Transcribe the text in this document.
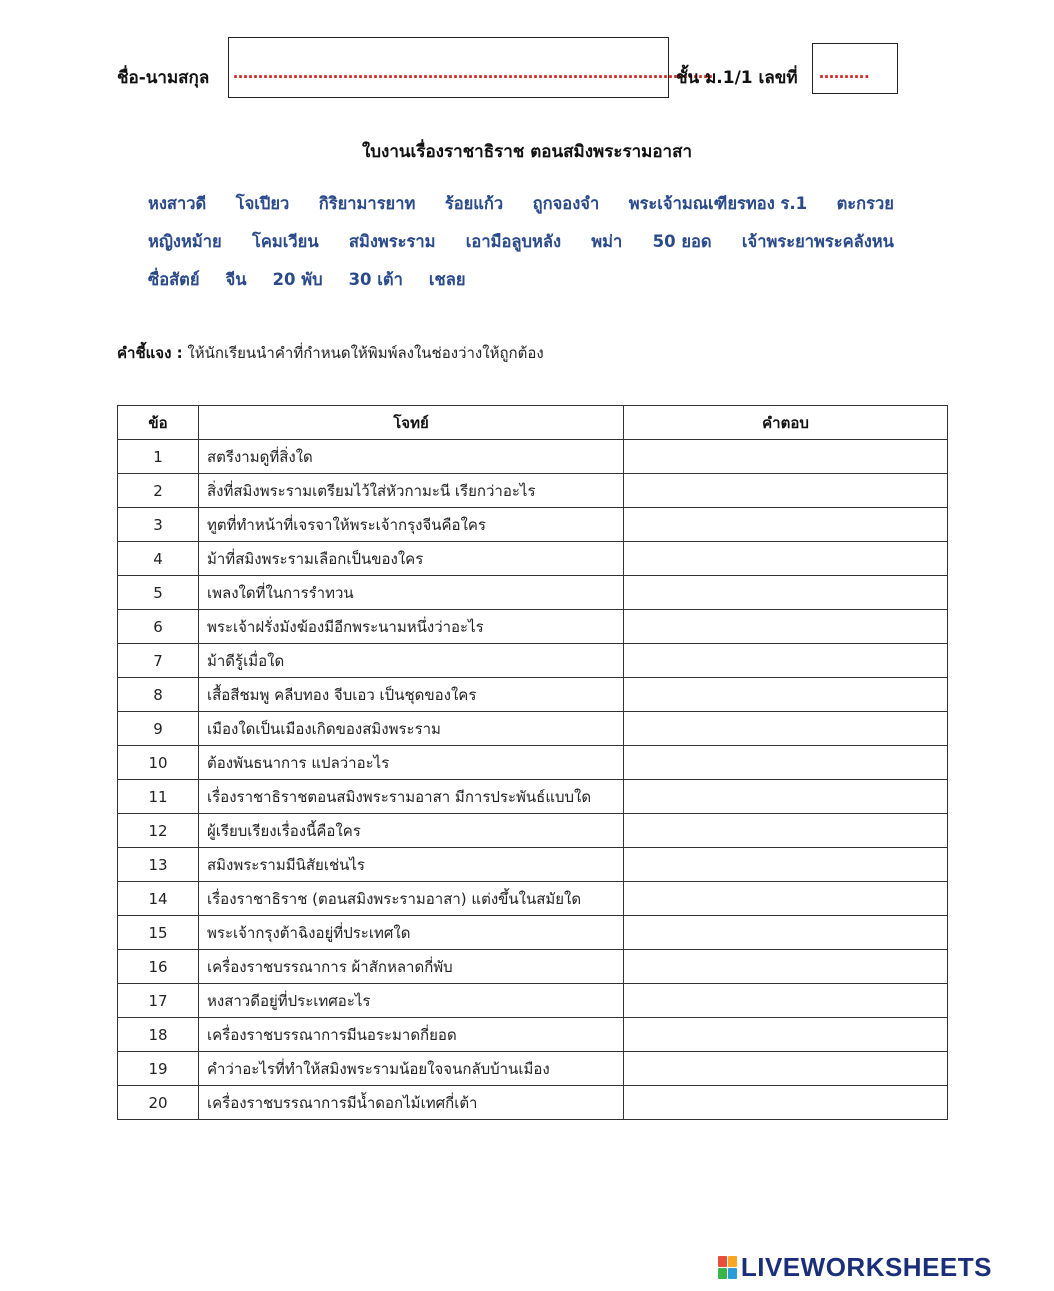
ชื่อ-นามสกุล ……………………………………………………………………………………
ชั้น ม.1/1 เลขที่ ……….
ใบงานเรื่องราชาธิราช ตอนสมิงพระรามอาสา
หงสาวดี โจเปียว กิริยามารยาท ร้อยแก้ว ถูกจองจำ พระเจ้ามณเฑียรทอง ร.1 ตะกรวย
หญิงหม้าย โคมเวียน สมิงพระราม เอามือลูบหลัง พม่า 50 ยอด เจ้าพระยาพระคลังหน
ซื่อสัตย์ จีน 20 พับ 30 เต้า เชลย
คำชี้แจง : ให้นักเรียนนำคำที่กำหนดให้พิมพ์ลงในช่องว่างให้ถูกต้อง
ข้อ	โจทย์	คำตอบ
1	สตรีงามดูที่สิ่งใด	
2	สิ่งที่สมิงพระรามเตรียมไว้ใส่หัวกามะนี เรียกว่าอะไร	
3	ทูตที่ทำหน้าที่เจรจาให้พระเจ้ากรุงจีนคือใคร	
4	ม้าที่สมิงพระรามเลือกเป็นของใคร	
5	เพลงใดที่ในการรำทวน	
6	พระเจ้าฝรั่งมังฆ้องมีอีกพระนามหนึ่งว่าอะไร	
7	ม้าดีรู้เมื่อใด	
8	เสื้อสีชมพู คลีบทอง จีบเอว เป็นชุดของใคร	
9	เมืองใดเป็นเมืองเกิดของสมิงพระราม	
10	ต้องพันธนาการ แปลว่าอะไร	
11	เรื่องราชาธิราชตอนสมิงพระรามอาสา มีการประพันธ์แบบใด	
12	ผู้เรียบเรียงเรื่องนี้คือใคร	
13	สมิงพระรามมีนิสัยเช่นไร	
14	เรื่องราชาธิราช (ตอนสมิงพระรามอาสา) แต่งขึ้นในสมัยใด	
15	พระเจ้ากรุงต้าฉิงอยู่ที่ประเทศใด	
16	เครื่องราชบรรณาการ ผ้าสักหลาดกี่พับ	
17	หงสาวดีอยู่ที่ประเทศอะไร	
18	เครื่องราชบรรณาการมีนอระมาดกี่ยอด	
19	คำว่าอะไรที่ทำให้สมิงพระรามน้อยใจจนกลับบ้านเมือง	
20	เครื่องราชบรรณาการมีน้ำดอกไม้เทศกี่เต้า	
LIVEWORKSHEETS
